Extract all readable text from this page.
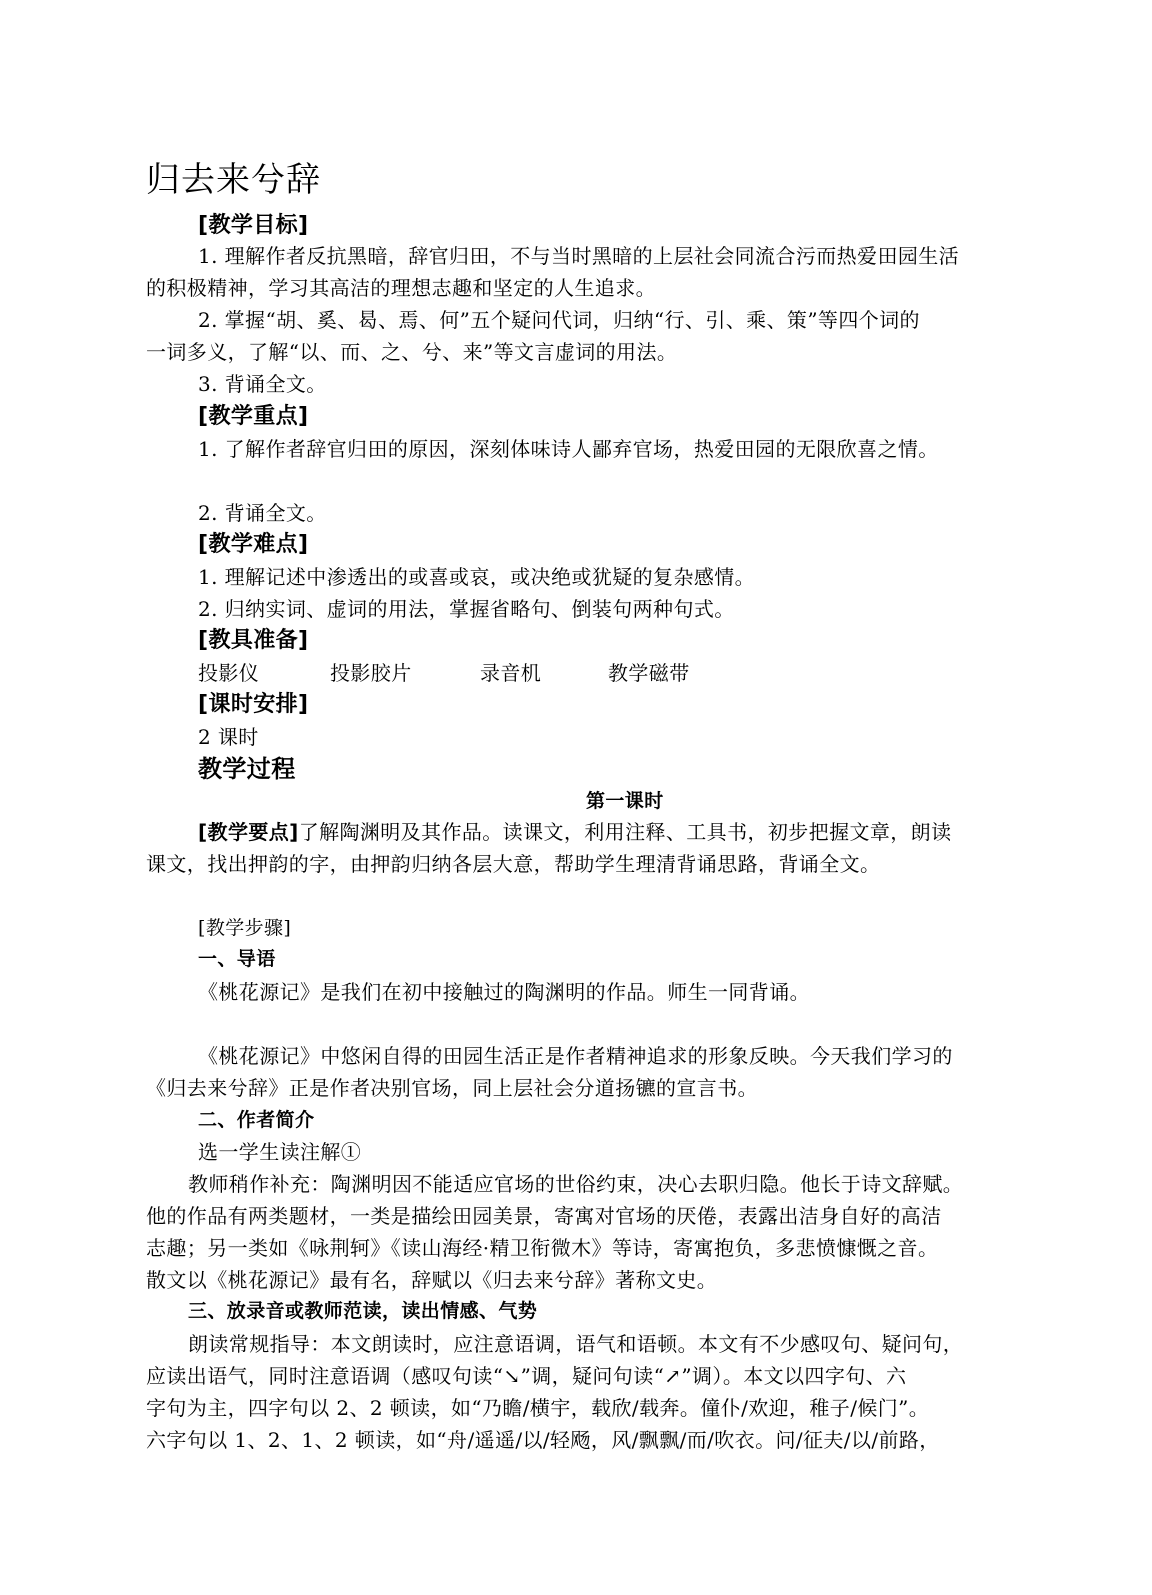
归去来兮辞
[教学目标]
1. 理解作者反抗黑暗，辞官归田，不与当时黑暗的上层社会同流合污而热爱田园生活
的积极精神，学习其高洁的理想志趣和坚定的人生追求。
2. 掌握“胡、奚、曷、焉、何”五个疑问代词，归纳“行、引、乘、策”等四个词的
一词多义，了解“以、而、之、兮、来”等文言虚词的用法。
3. 背诵全文。
[教学重点]
1. 了解作者辞官归田的原因，深刻体味诗人鄙弃官场，热爱田园的无限欣喜之情。
2. 背诵全文。
[教学难点]
1. 理解记述中渗透出的或喜或哀，或决绝或犹疑的复杂感情。
2. 归纳实词、虚词的用法，掌握省略句、倒装句两种句式。
[教具准备]
投影仪	投影胶片	录音机	教学磁带
[课时安排]
2 课时
教学过程
第一课时
[教学要点]了解陶渊明及其作品。读课文，利用注释、工具书，初步把握文章，朗读
课文，找出押韵的字，由押韵归纳各层大意，帮助学生理清背诵思路，背诵全文。
[教学步骤]
一、导语
《桃花源记》是我们在初中接触过的陶渊明的作品。师生一同背诵。
《桃花源记》中悠闲自得的田园生活正是作者精神追求的形象反映。今天我们学习的
《归去来兮辞》正是作者决别官场，同上层社会分道扬镳的宣言书。
二、作者简介
选一学生读注解①
教师稍作补充：陶渊明因不能适应官场的世俗约束，决心去职归隐。他长于诗文辞赋。
他的作品有两类题材，一类是描绘田园美景，寄寓对官场的厌倦，表露出洁身自好的高洁
志趣；另一类如《咏荆轲》《读山海经·精卫衔微木》等诗，寄寓抱负，多悲愤慷慨之音。
散文以《桃花源记》最有名，辞赋以《归去来兮辞》著称文史。
三、放录音或教师范读，读出情感、气势
朗读常规指导：本文朗读时，应注意语调，语气和语顿。本文有不少感叹句、疑问句，
应读出语气，同时注意语调（感叹句读“↘”调，疑问句读“↗”调）。本文以四字句、六
字句为主，四字句以 2、2 顿读，如“乃瞻/横宇，载欣/载奔。僮仆/欢迎，稚子/候门”。
六字句以 1、2、1、2 顿读，如“舟/遥遥/以/轻飏，风/飘飘/而/吹衣。问/征夫/以/前路，
